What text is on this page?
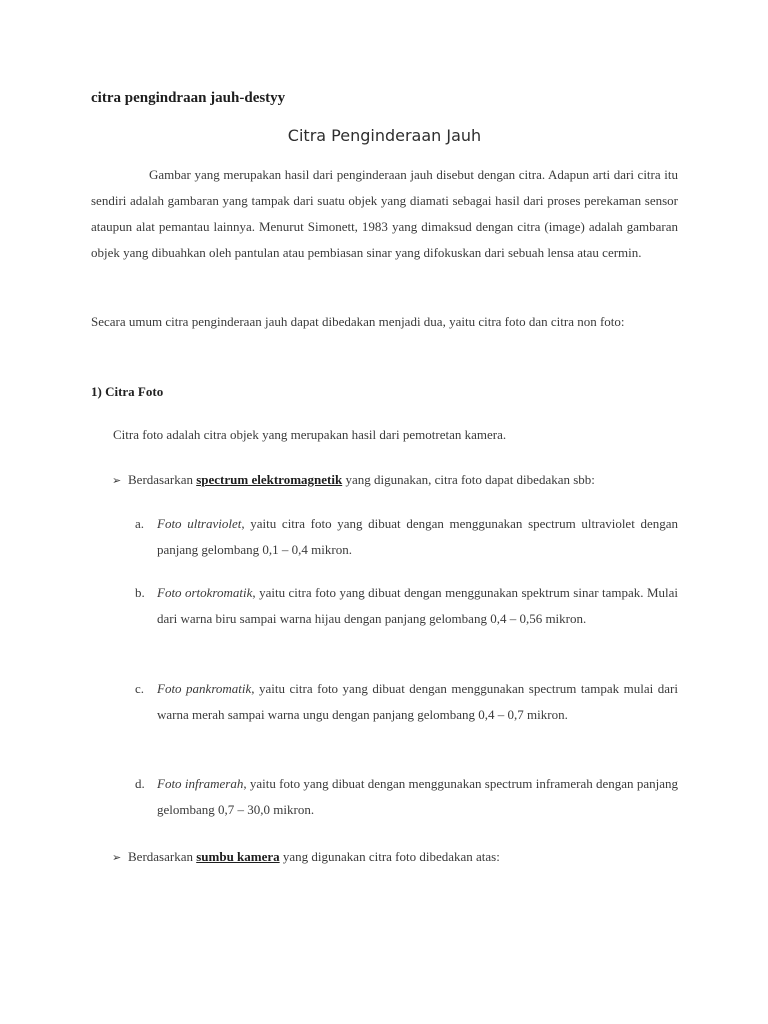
citra pengindraan jauh-destyy
Citra Penginderaan Jauh

Gambar yang merupakan hasil dari penginderaan jauh disebut dengan citra. Adapun arti dari citra itu sendiri adalah gambaran yang tampak dari suatu objek yang diamati sebagai hasil dari proses perekaman sensor ataupun alat pemantau lainnya. Menurut Simonett, 1983 yang dimaksud dengan citra (image) adalah gambaran objek yang dibuahkan oleh pantulan atau pembiasan sinar yang difokuskan dari sebuah lensa atau cermin.

Secara umum citra penginderaan jauh dapat dibedakan menjadi dua, yaitu citra foto dan citra non foto:

1) Citra Foto

Citra foto adalah citra objek yang merupakan hasil dari pemotretan kamera.

➢ Berdasarkan spectrum elektromagnetik yang digunakan, citra foto dapat dibedakan sbb:
a. Foto ultraviolet, yaitu citra foto yang dibuat dengan menggunakan spectrum ultraviolet dengan panjang gelombang 0,1 – 0,4 mikron.
b. Foto ortokromatik, yaitu citra foto yang dibuat dengan menggunakan spektrum sinar tampak. Mulai dari warna biru sampai warna hijau dengan panjang gelombang 0,4 – 0,56 mikron.
c. Foto pankromatik, yaitu citra foto yang dibuat dengan menggunakan spectrum tampak mulai dari warna merah sampai warna ungu dengan panjang gelombang 0,4 – 0,7 mikron.
d. Foto inframerah, yaitu foto yang dibuat dengan menggunakan spectrum inframerah dengan panjang gelombang 0,7 – 30,0 mikron.
➢ Berdasarkan sumbu kamera yang digunakan citra foto dibedakan atas:
